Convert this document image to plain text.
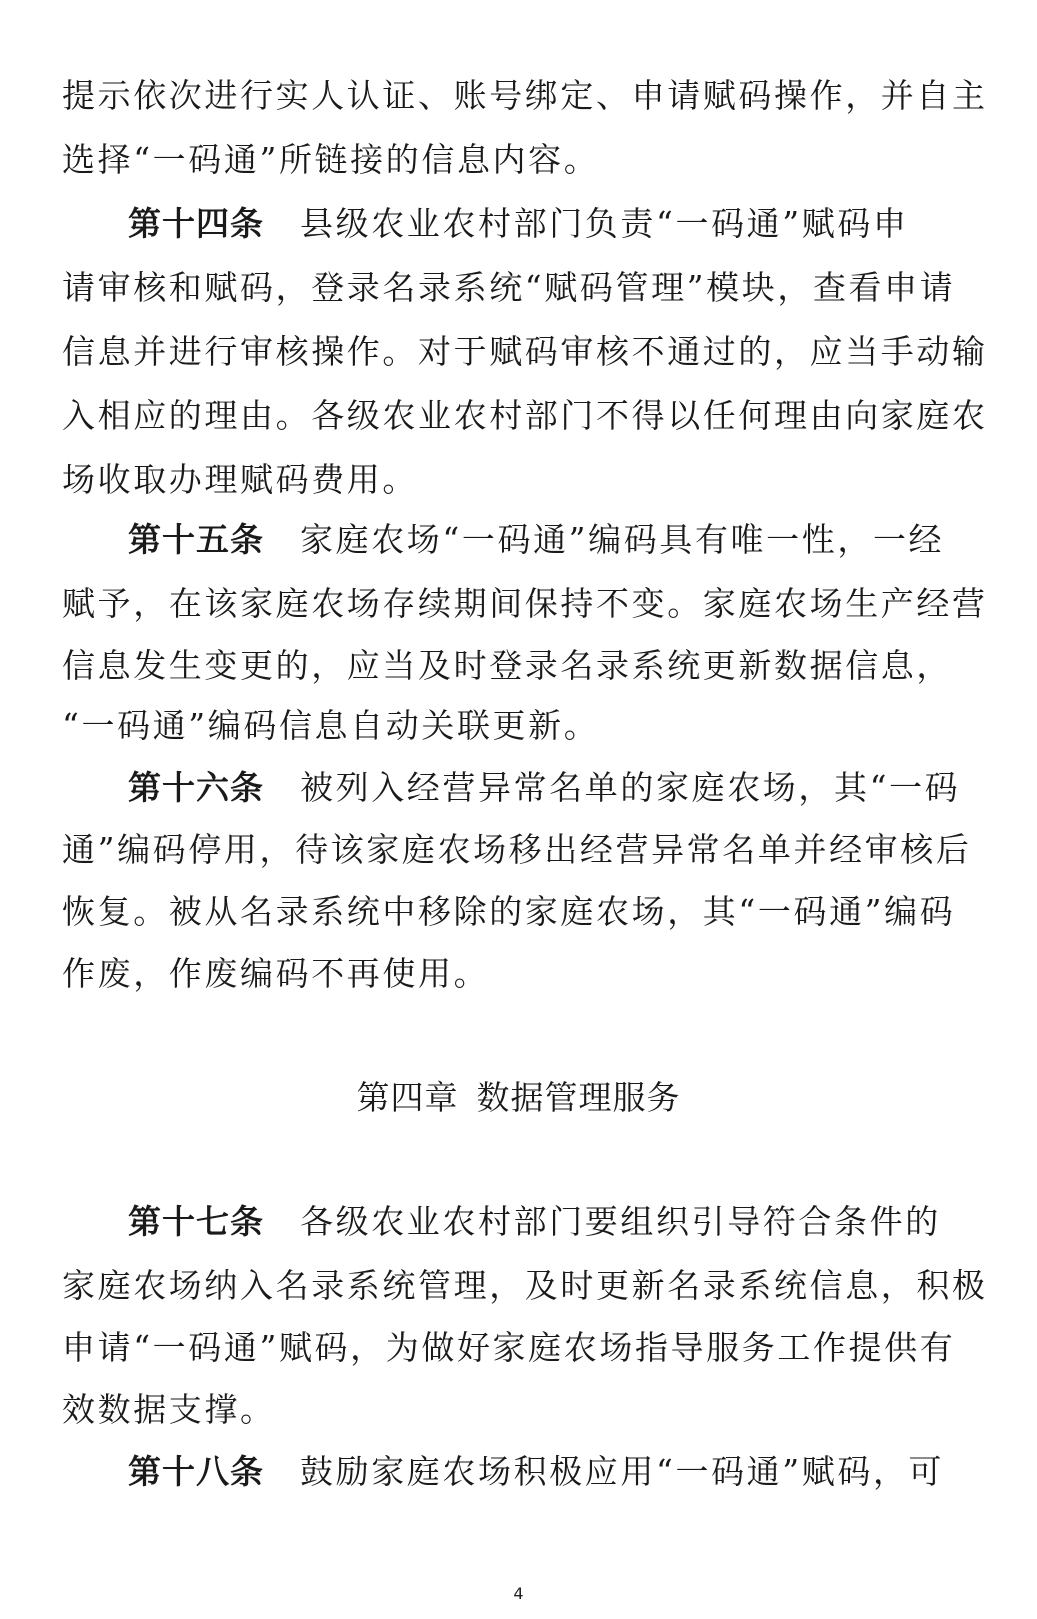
提示依次进行实人认证、账号绑定、申请赋码操作，并自主
选择“一码通”所链接的信息内容。
第十四条 县级农业农村部门负责“一码通”赋码申
请审核和赋码，登录名录系统“赋码管理”模块，查看申请
信息并进行审核操作。对于赋码审核不通过的，应当手动输
入相应的理由。各级农业农村部门不得以任何理由向家庭农
场收取办理赋码费用。
第十五条 家庭农场“一码通”编码具有唯一性，一经
赋予，在该家庭农场存续期间保持不变。家庭农场生产经营
信息发生变更的，应当及时登录名录系统更新数据信息，
“一码通”编码信息自动关联更新。
第十六条 被列入经营异常名单的家庭农场，其“一码
通”编码停用，待该家庭农场移出经营异常名单并经审核后
恢复。被从名录系统中移除的家庭农场，其“一码通”编码
作废，作废编码不再使用。
第四章 数据管理服务
第十七条 各级农业农村部门要组织引导符合条件的
家庭农场纳入名录系统管理，及时更新名录系统信息，积极
申请“一码通”赋码，为做好家庭农场指导服务工作提供有
效数据支撑。
第十八条 鼓励家庭农场积极应用“一码通”赋码，可
4
